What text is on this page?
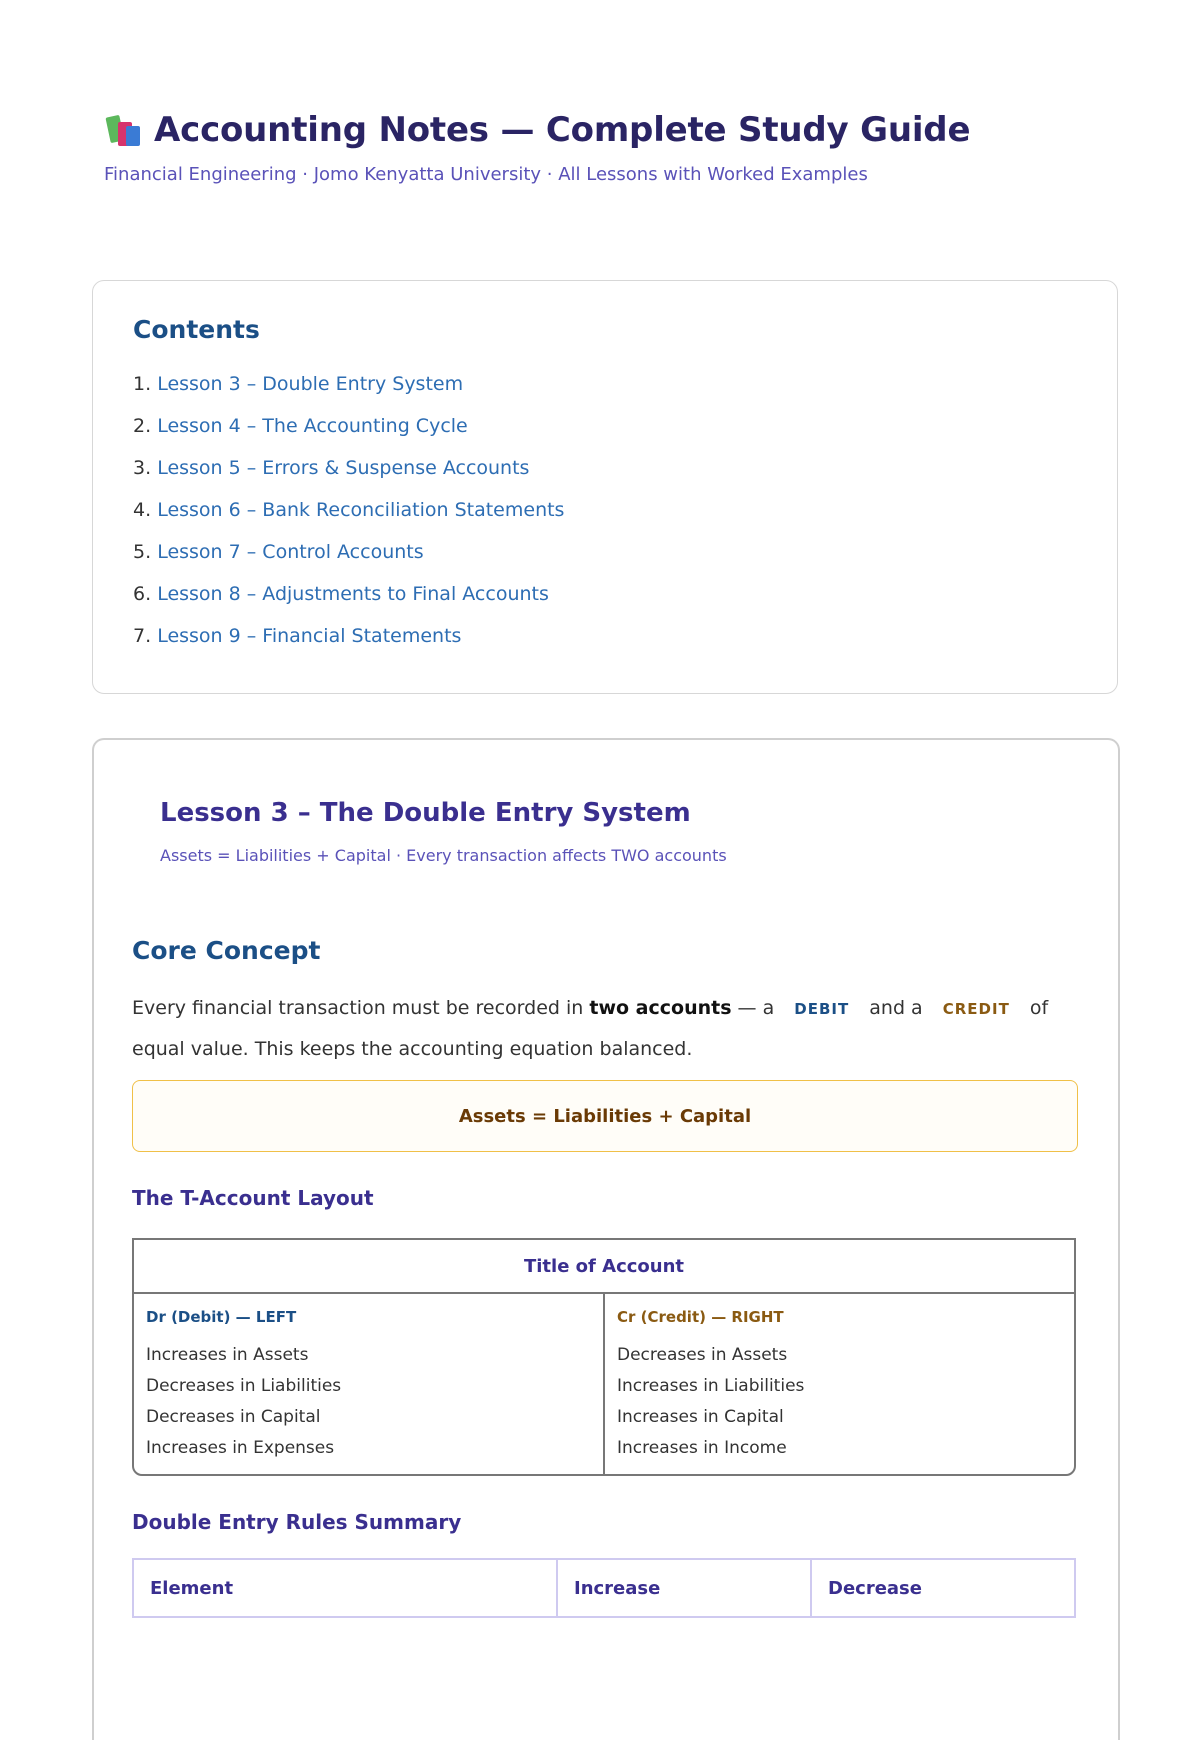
Accounting Notes — Complete Study Guide
Financial Engineering · Jomo Kenyatta University · All Lessons with Worked Examples
Contents
1. Lesson 3 – Double Entry System
2. Lesson 4 – The Accounting Cycle
3. Lesson 5 – Errors & Suspense Accounts
4. Lesson 6 – Bank Reconciliation Statements
5. Lesson 7 – Control Accounts
6. Lesson 8 – Adjustments to Final Accounts
7. Lesson 9 – Financial Statements
Lesson 3 – The Double Entry System
Assets = Liabilities + Capital · Every transaction affects TWO accounts
Core Concept
Every financial transaction must be recorded in two accounts — a DEBIT and a CREDIT of equal value. This keeps the accounting equation balanced.
Assets = Liabilities + Capital
The T-Account Layout
Title of Account
Dr (Debit) — LEFT
Increases in Assets
Decreases in Liabilities
Decreases in Capital
Increases in Expenses
Cr (Credit) — RIGHT
Decreases in Assets
Increases in Liabilities
Increases in Capital
Increases in Income
Double Entry Rules Summary
Element	Increase	Decrease
